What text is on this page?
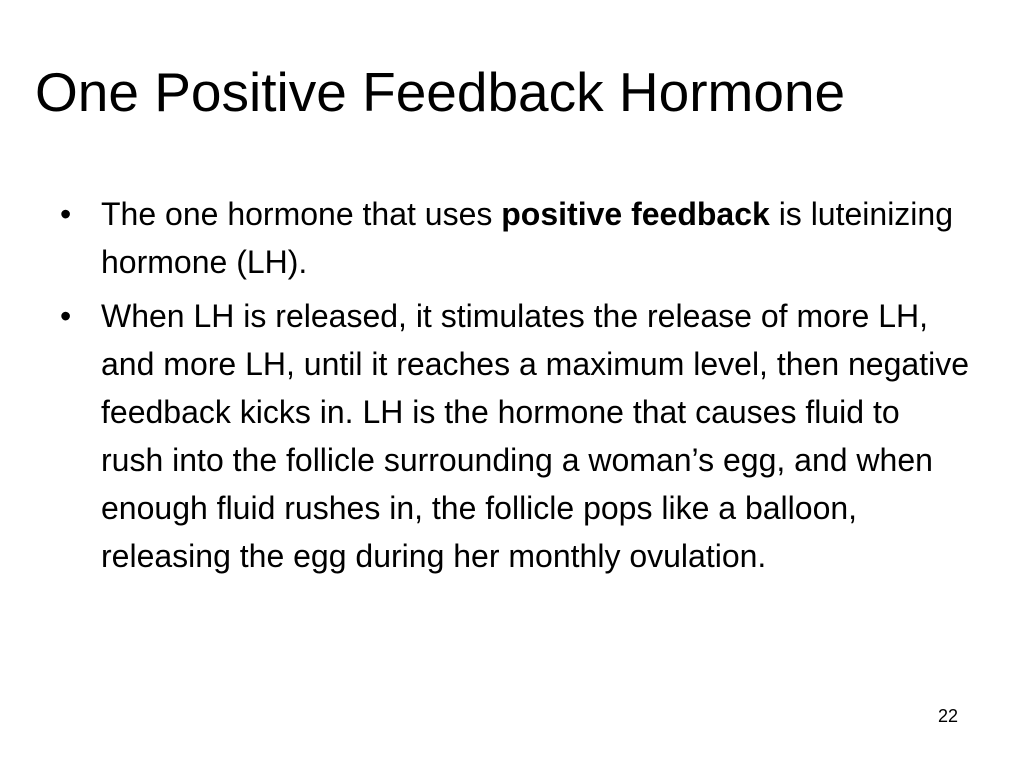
One Positive Feedback Hormone
• The one hormone that uses positive feedback is luteinizing hormone (LH).
• When LH is released, it stimulates the release of more LH, and more LH, until it reaches a maximum level, then negative feedback kicks in. LH is the hormone that causes fluid to rush into the follicle surrounding a woman’s egg, and when enough fluid rushes in, the follicle pops like a balloon, releasing the egg during her monthly ovulation.
22
